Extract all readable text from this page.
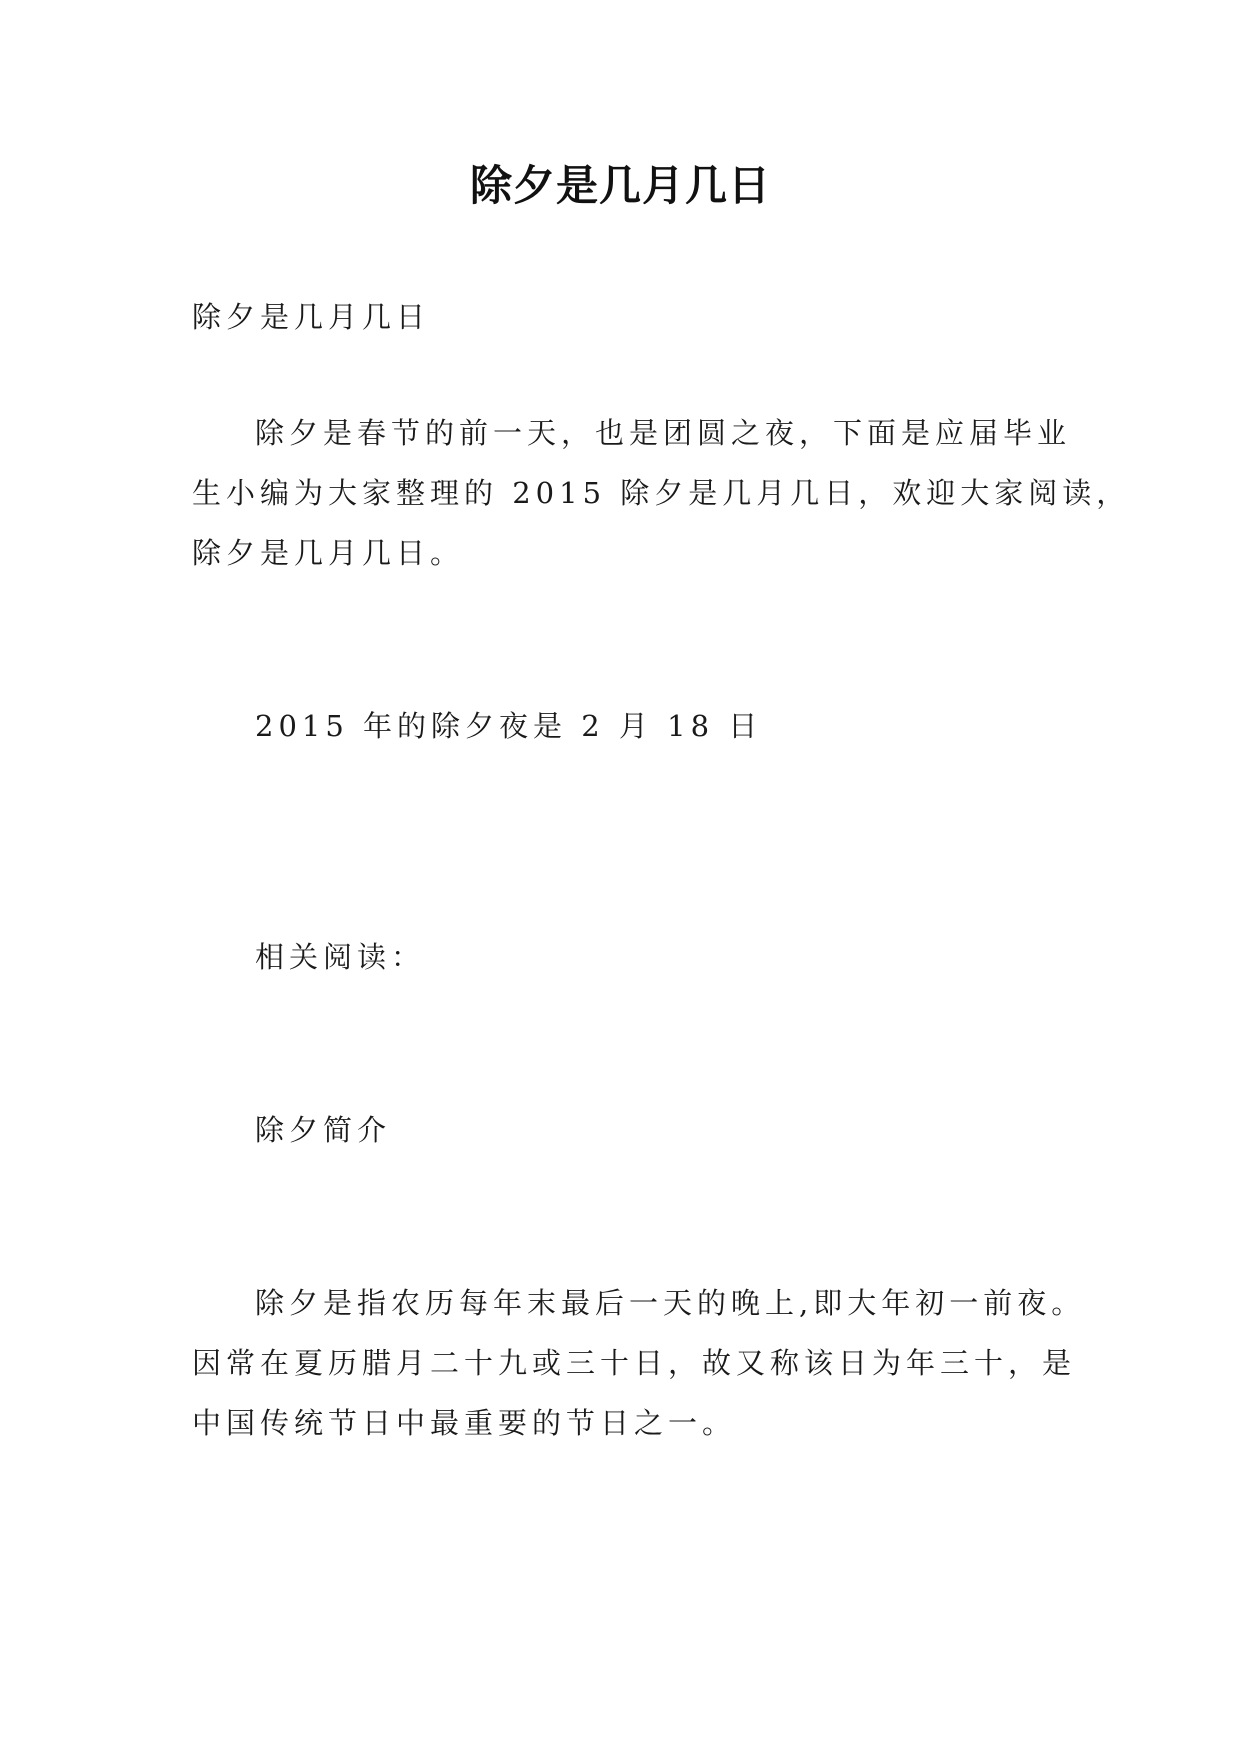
除夕是几月几日
除夕是几月几日
除夕是春节的前一天，也是团圆之夜，下面是应届毕业
生小编为大家整理的 2015 除夕是几月几日，欢迎大家阅读，
除夕是几月几日。
2015 年的除夕夜是 2 月 18 日
相关阅读：
除夕简介
除夕是指农历每年末最后一天的晚上,即大年初一前夜。
因常在夏历腊月二十九或三十日，故又称该日为年三十，是
中国传统节日中最重要的节日之一。
